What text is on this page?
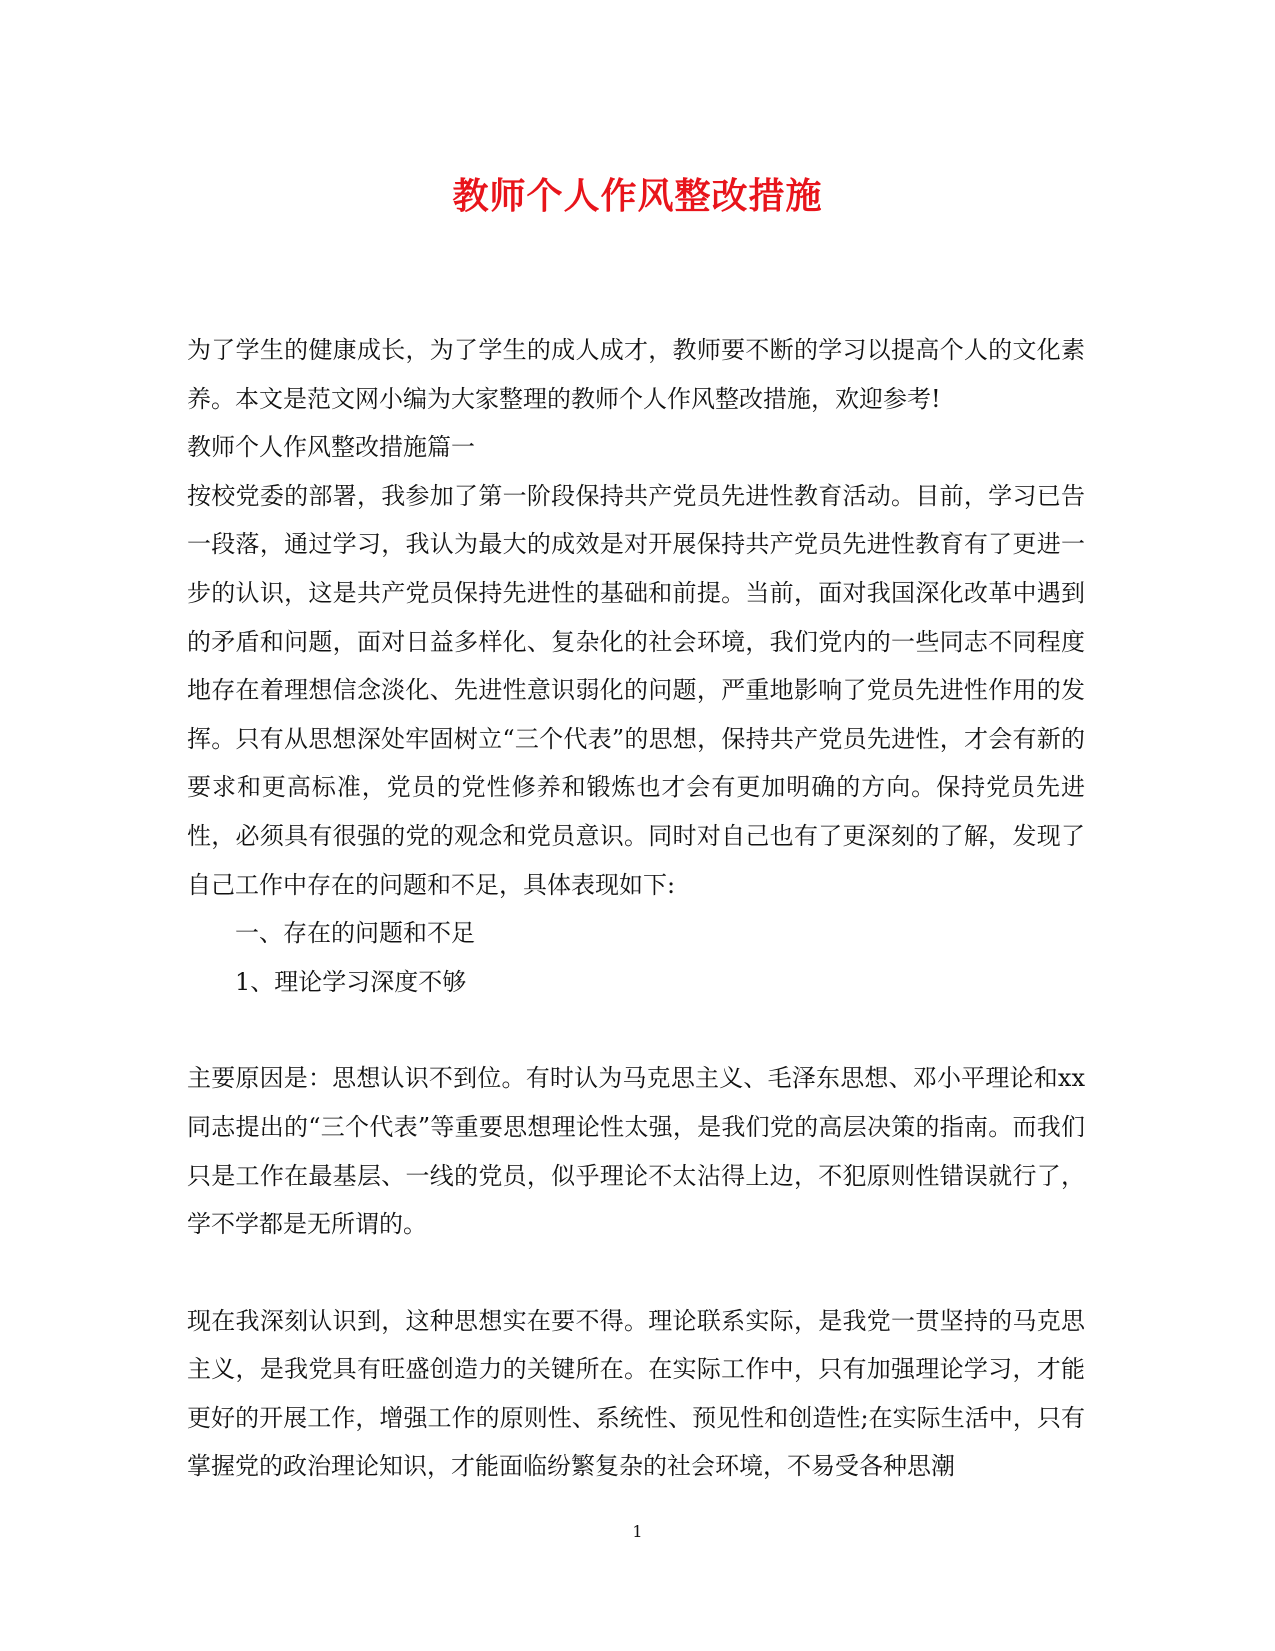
教师个人作风整改措施

为了学生的健康成长，为了学生的成人成才，教师要不断的学习以提高个人的文化素养。本文是范文网小编为大家整理的教师个人作风整改措施，欢迎参考!

教师个人作风整改措施篇一

按校党委的部署，我参加了第一阶段保持共产党员先进性教育活动。目前，学习已告一段落，通过学习，我认为最大的成效是对开展保持共产党员先进性教育有了更进一步的认识，这是共产党员保持先进性的基础和前提。当前，面对我国深化改革中遇到的矛盾和问题，面对日益多样化、复杂化的社会环境，我们党内的一些同志不同程度地存在着理想信念淡化、先进性意识弱化的问题，严重地影响了党员先进性作用的发挥。只有从思想深处牢固树立“三个代表”的思想，保持共产党员先进性，才会有新的要求和更高标准，党员的党性修养和锻炼也才会有更加明确的方向。保持党员先进性，必须具有很强的党的观念和党员意识。同时对自己也有了更深刻的了解，发现了自己工作中存在的问题和不足，具体表现如下:

一、存在的问题和不足

1、理论学习深度不够

主要原因是：思想认识不到位。有时认为马克思主义、毛泽东思想、邓小平理论和xx同志提出的“三个代表”等重要思想理论性太强，是我们党的高层决策的指南。而我们只是工作在最基层、一线的党员，似乎理论不太沾得上边，不犯原则性错误就行了，学不学都是无所谓的。

现在我深刻认识到，这种思想实在要不得。理论联系实际，是我党一贯坚持的马克思主义，是我党具有旺盛创造力的关键所在。在实际工作中，只有加强理论学习，才能更好的开展工作，增强工作的原则性、系统性、预见性和创造性;在实际生活中，只有掌握党的政治理论知识，才能面临纷繁复杂的社会环境，不易受各种思潮

1
